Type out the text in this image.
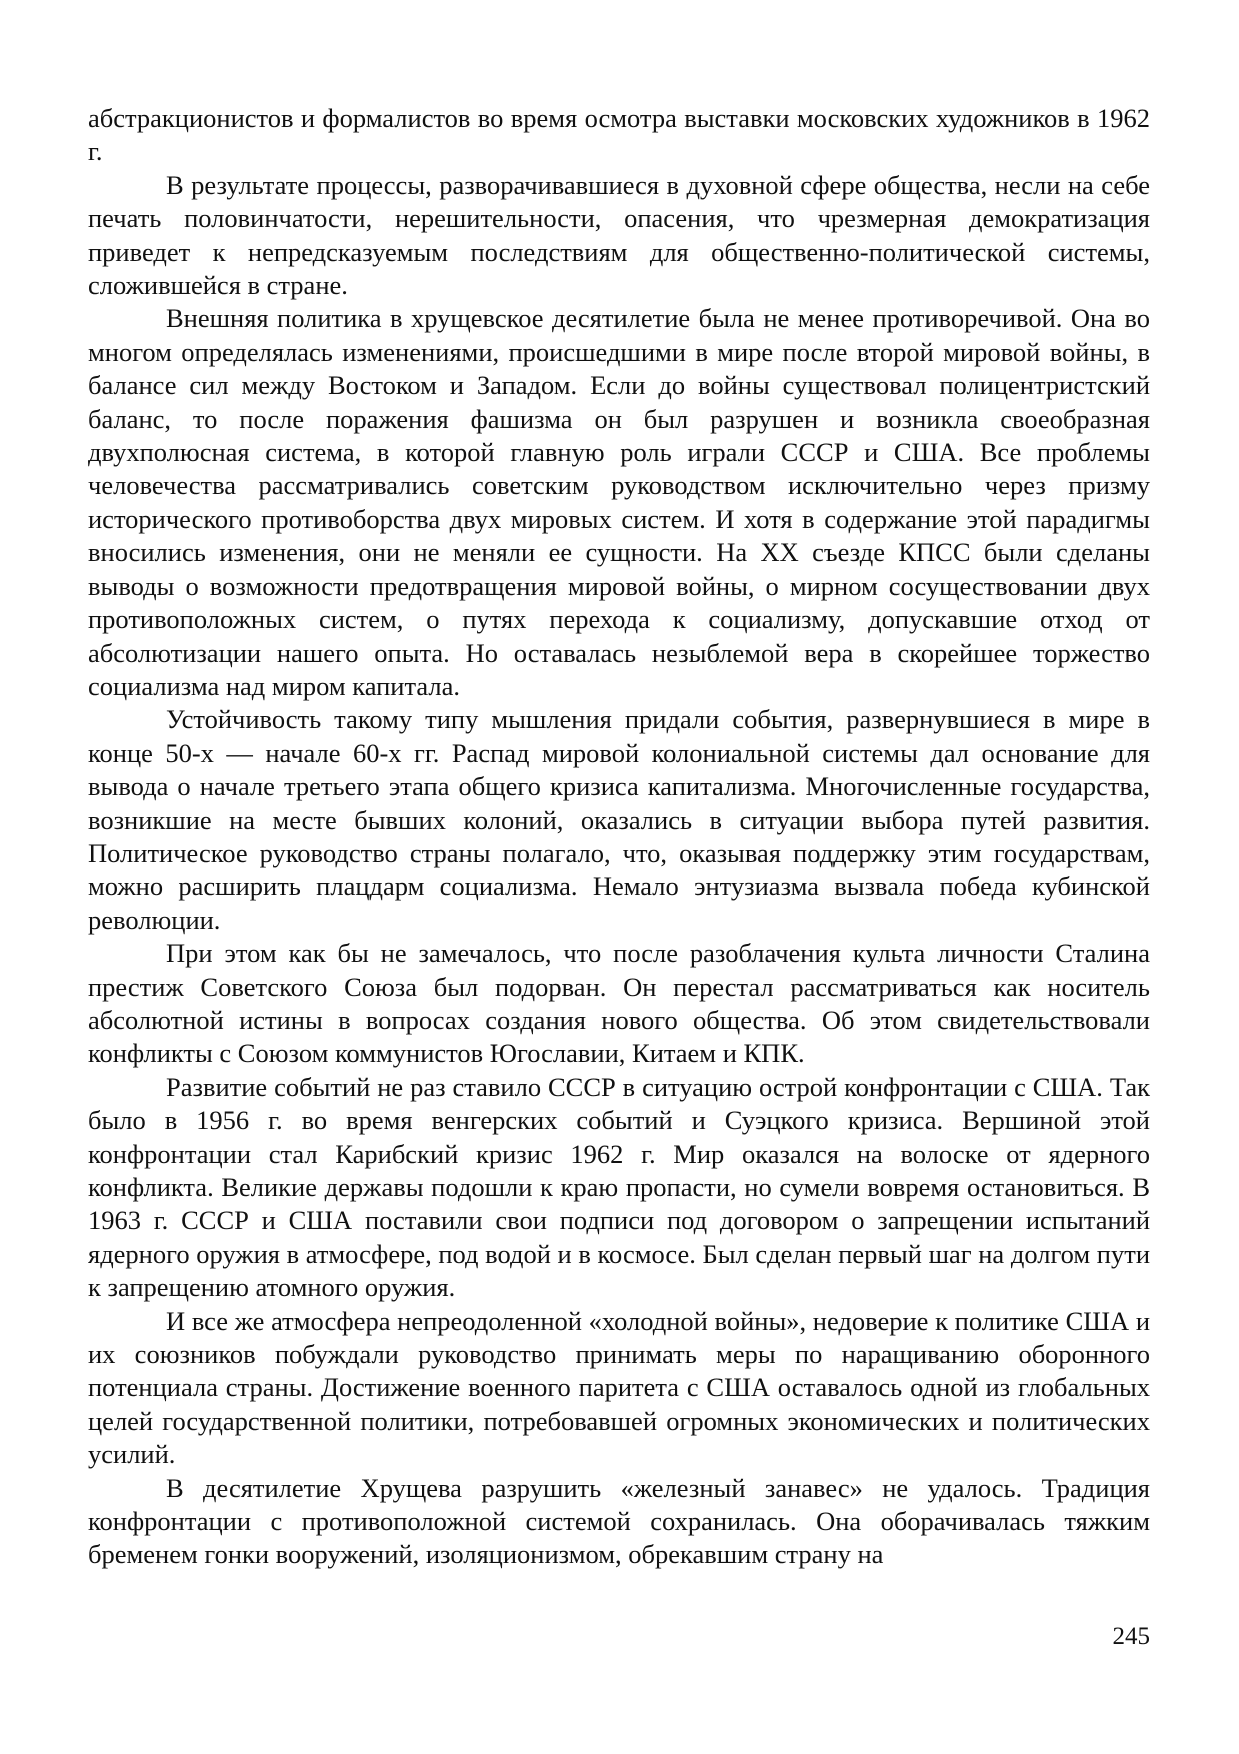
абстракционистов и формалистов во время осмотра выставки московских художников в 1962 г.

В результате процессы, разворачивавшиеся в духовной сфере общества, несли на себе печать половинчатости, нерешительности, опасения, что чрезмерная демократизация приведет к непредсказуемым последствиям для общественно-политической системы, сложившейся в стране.

Внешняя политика в хрущевское десятилетие была не менее противоречивой. Она во многом определялась изменениями, происшедшими в мире после второй мировой войны, в балансе сил между Востоком и Западом. Если до войны существовал полицентристский баланс, то после поражения фашизма он был разрушен и возникла своеобразная двухполюсная система, в которой главную роль играли СССР и США. Все проблемы человечества рассматривались советским руководством исключительно через призму исторического противоборства двух мировых систем. И хотя в содержание этой парадигмы вносились изменения, они не меняли ее сущности. На XX съезде КПСС были сделаны выводы о возможности предотвращения мировой войны, о мирном сосуществовании двух противоположных систем, о путях перехода к социализму, допускавшие отход от абсолютизации нашего опыта. Но оставалась незыблемой вера в скорейшее торжество социализма над миром капитала.

Устойчивость такому типу мышления придали события, развернувшиеся в мире в конце 50-х — начале 60-х гг. Распад мировой колониальной системы дал основание для вывода о начале третьего этапа общего кризиса капитализма. Многочисленные государства, возникшие на месте бывших колоний, оказались в ситуации выбора путей развития. Политическое руководство страны полагало, что, оказывая поддержку этим государствам, можно расширить плацдарм социализма. Немало энтузиазма вызвала победа кубинской революции.

При этом как бы не замечалось, что после разоблачения культа личности Сталина престиж Советского Союза был подорван. Он перестал рассматриваться как носитель абсолютной истины в вопросах создания нового общества. Об этом свидетельствовали конфликты с Союзом коммунистов Югославии, Китаем и КПК.

Развитие событий не раз ставило СССР в ситуацию острой конфронтации с США. Так было в 1956 г. во время венгерских событий и Суэцкого кризиса. Вершиной этой конфронтации стал Карибский кризис 1962 г. Мир оказался на волоске от ядерного конфликта. Великие державы подошли к краю пропасти, но сумели вовремя остановиться. В 1963 г. СССР и США поставили свои подписи под договором о запрещении испытаний ядерного оружия в атмосфере, под водой и в космосе. Был сделан первый шаг на долгом пути к запрещению атомного оружия.

И все же атмосфера непреодоленной «холодной войны», недоверие к политике США и их союзников побуждали руководство принимать меры по наращиванию оборонного потенциала страны. Достижение военного паритета с США оставалось одной из глобальных целей государственной политики, потребовавшей огромных экономических и политических усилий.

В десятилетие Хрущева разрушить «железный занавес» не удалось. Традиция конфронтации с противоположной системой сохранилась. Она оборачивалась тяжким бременем гонки вооружений, изоляционизмом, обрекавшим страну на

245
